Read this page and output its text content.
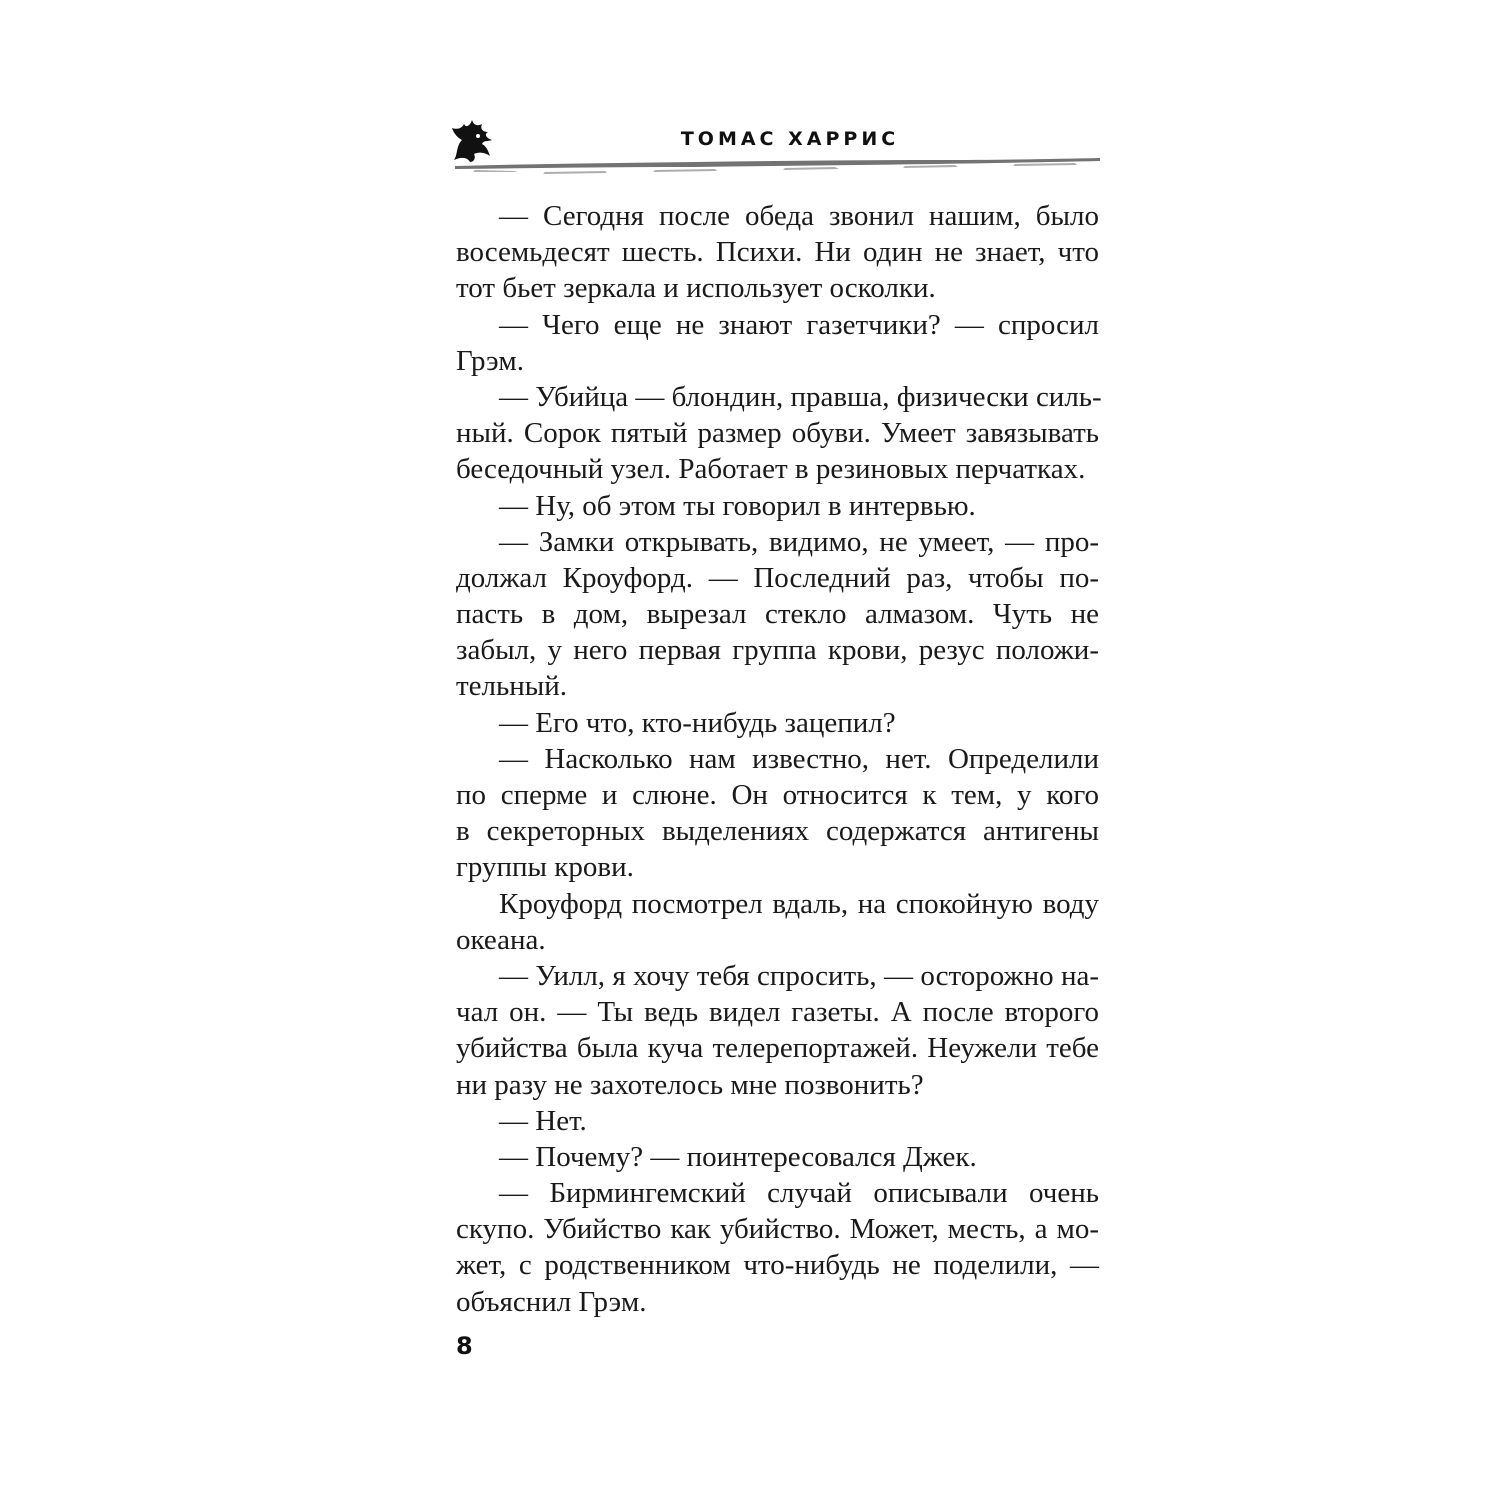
ТОМАС ХАРРИС
— Сегодня после обеда звонил нашим, было
восемьдесят шесть. Психи. Ни один не знает, что
тот бьет зеркала и использует осколки.
— Чего еще не знают газетчики? — спросил
Грэм.
— Убийца — блондин, правша, физически силь-
ный. Сорок пятый размер обуви. Умеет завязывать
беседочный узел. Работает в резиновых перчатках.
— Ну, об этом ты говорил в интервью.
— Замки открывать, видимо, не умеет, — про-
должал Кроуфорд. — Последний раз, чтобы по-
пасть в дом, вырезал стекло алмазом. Чуть не
забыл, у него первая группа крови, резус положи-
тельный.
— Его что, кто-нибудь зацепил?
— Насколько нам известно, нет. Определили
по сперме и слюне. Он относится к тем, у кого
в секреторных выделениях содержатся антигены
группы крови.
Кроуфорд посмотрел вдаль, на спокойную воду
океана.
— Уилл, я хочу тебя спросить, — осторожно на-
чал он. — Ты ведь видел газеты. А после второго
убийства была куча телерепортажей. Неужели тебе
ни разу не захотелось мне позвонить?
— Нет.
— Почему? — поинтересовался Джек.
— Бирмингемский случай описывали очень
скупо. Убийство как убийство. Может, месть, а мо-
жет, с родственником что-нибудь не поделили, —
объяснил Грэм.
8
